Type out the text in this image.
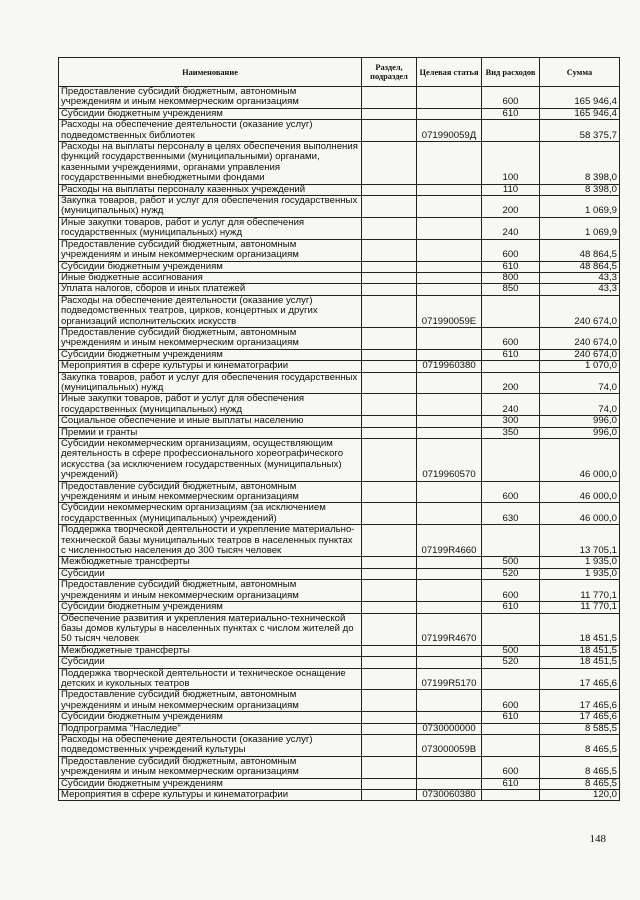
Наименование	Раздел, подраздел	Целевая статья	Вид расходов	Сумма
Предоставление субсидий бюджетным, автономным учреждениям и иным некоммерческим организациям			600	165 946,4
Субсидии бюджетным учреждениям			610	165 946,4
Расходы на обеспечение деятельности (оказание услуг) подведомственных библиотек		071990059Д		58 375,7
Расходы на выплаты персоналу в целях обеспечения выполнения функций государственными (муниципальными) органами, казенными учреждениями, органами управления государственными внебюджетными фондами			100	8 398,0
Расходы на выплаты персоналу казенных учреждений			110	8 398,0
Закупка товаров, работ и услуг для обеспечения государственных (муниципальных) нужд			200	1 069,9
Иные закупки товаров, работ и услуг для обеспечения государственных (муниципальных) нужд			240	1 069,9
Предоставление субсидий бюджетным, автономным учреждениям и иным некоммерческим организациям			600	48 864,5
Субсидии бюджетным учреждениям			610	48 864,5
Иные бюджетные ассигнования			800	43,3
Уплата налогов, сборов и иных платежей			850	43,3
Расходы на обеспечение деятельности (оказание услуг) подведомственных театров, цирков, концертных и других организаций исполнительских искусств		071990059Е		240 674,0
Предоставление субсидий бюджетным, автономным учреждениям и иным некоммерческим организациям			600	240 674,0
Субсидии бюджетным учреждениям			610	240 674,0
Мероприятия в сфере культуры и кинематографии		0719960380		1 070,0
Закупка товаров, работ и услуг для обеспечения государственных (муниципальных) нужд			200	74,0
Иные закупки товаров, работ и услуг для обеспечения государственных (муниципальных) нужд			240	74,0
Социальное обеспечение и иные выплаты населению			300	996,0
Премии и гранты			350	996,0
Субсидии некоммерческим организациям, осуществляющим деятельность в сфере профессионального хореографического искусства (за исключением государственных (муниципальных) учреждений)		0719960570		46 000,0
Предоставление субсидий бюджетным, автономным учреждениям и иным некоммерческим организациям			600	46 000,0
Субсидии некоммерческим организациям (за исключением государственных (муниципальных) учреждений)			630	46 000,0
Поддержка творческой деятельности и укрепление материально-технической базы муниципальных театров в населенных пунктах с численностью населения до 300 тысяч человек		07199R4660		13 705,1
Межбюджетные трансферты			500	1 935,0
Субсидии			520	1 935,0
Предоставление субсидий бюджетным, автономным учреждениям и иным некоммерческим организациям			600	11 770,1
Субсидии бюджетным учреждениям			610	11 770,1
Обеспечение развития и укрепления материально-технической базы домов культуры в населенных пунктах с числом жителей до 50 тысяч человек		07199R4670		18 451,5
Межбюджетные трансферты			500	18 451,5
Субсидии			520	18 451,5
Поддержка творческой деятельности и техническое оснащение детских и кукольных театров		07199R5170		17 465,6
Предоставление субсидий бюджетным, автономным учреждениям и иным некоммерческим организациям			600	17 465,6
Субсидии бюджетным учреждениям			610	17 465,6
Подпрограмма "Наследие"		0730000000		8 585,5
Расходы на обеспечение деятельности (оказание услуг) подведомственных учреждений культуры		073000059В		8 465,5
Предоставление субсидий бюджетным, автономным учреждениям и иным некоммерческим организациям			600	8 465,5
Субсидии бюджетным учреждениям			610	8 465,5
Мероприятия в сфере культуры и кинематографии		0730060380		120,0
148
